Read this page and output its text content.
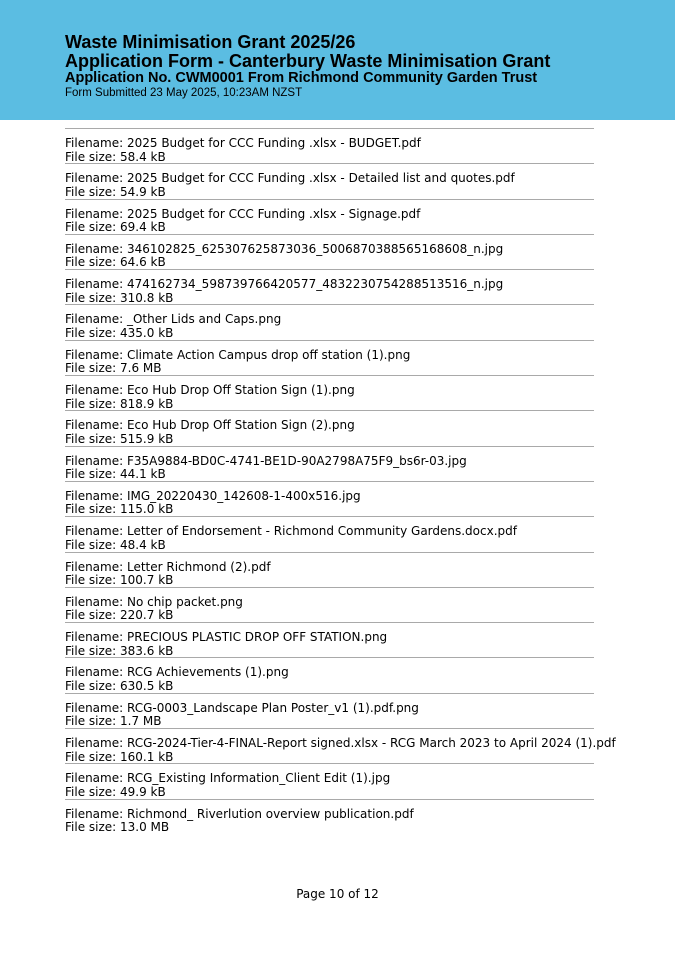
Waste Minimisation Grant 2025/26
Application Form - Canterbury Waste Minimisation Grant
Application No. CWM0001 From Richmond Community Garden Trust
Form Submitted 23 May 2025, 10:23AM NZST
Filename: 2025 Budget for CCC Funding .xlsx - BUDGET.pdf
File size: 58.4 kB
Filename: 2025 Budget for CCC Funding .xlsx - Detailed list and quotes.pdf
File size: 54.9 kB
Filename: 2025 Budget for CCC Funding .xlsx - Signage.pdf
File size: 69.4 kB
Filename: 346102825_625307625873036_5006870388565168608_n.jpg
File size: 64.6 kB
Filename: 474162734_598739766420577_4832230754288513516_n.jpg
File size: 310.8 kB
Filename: _Other Lids and Caps.png
File size: 435.0 kB
Filename: Climate Action Campus drop off station (1).png
File size: 7.6 MB
Filename: Eco Hub Drop Off Station Sign (1).png
File size: 818.9 kB
Filename: Eco Hub Drop Off Station Sign (2).png
File size: 515.9 kB
Filename: F35A9884-BD0C-4741-BE1D-90A2798A75F9_bs6r-03.jpg
File size: 44.1 kB
Filename: IMG_20220430_142608-1-400x516.jpg
File size: 115.0 kB
Filename: Letter of Endorsement - Richmond Community Gardens.docx.pdf
File size: 48.4 kB
Filename: Letter Richmond (2).pdf
File size: 100.7 kB
Filename: No chip packet.png
File size: 220.7 kB
Filename: PRECIOUS PLASTIC DROP OFF STATION.png
File size: 383.6 kB
Filename: RCG Achievements (1).png
File size: 630.5 kB
Filename: RCG-0003_Landscape Plan Poster_v1 (1).pdf.png
File size: 1.7 MB
Filename: RCG-2024-Tier-4-FINAL-Report signed.xlsx - RCG March 2023 to April 2024 (1).pdf
File size: 160.1 kB
Filename: RCG_Existing Information_Client Edit (1).jpg
File size: 49.9 kB
Filename: Richmond_ Riverlution overview publication.pdf
File size: 13.0 MB
Page 10 of 12
